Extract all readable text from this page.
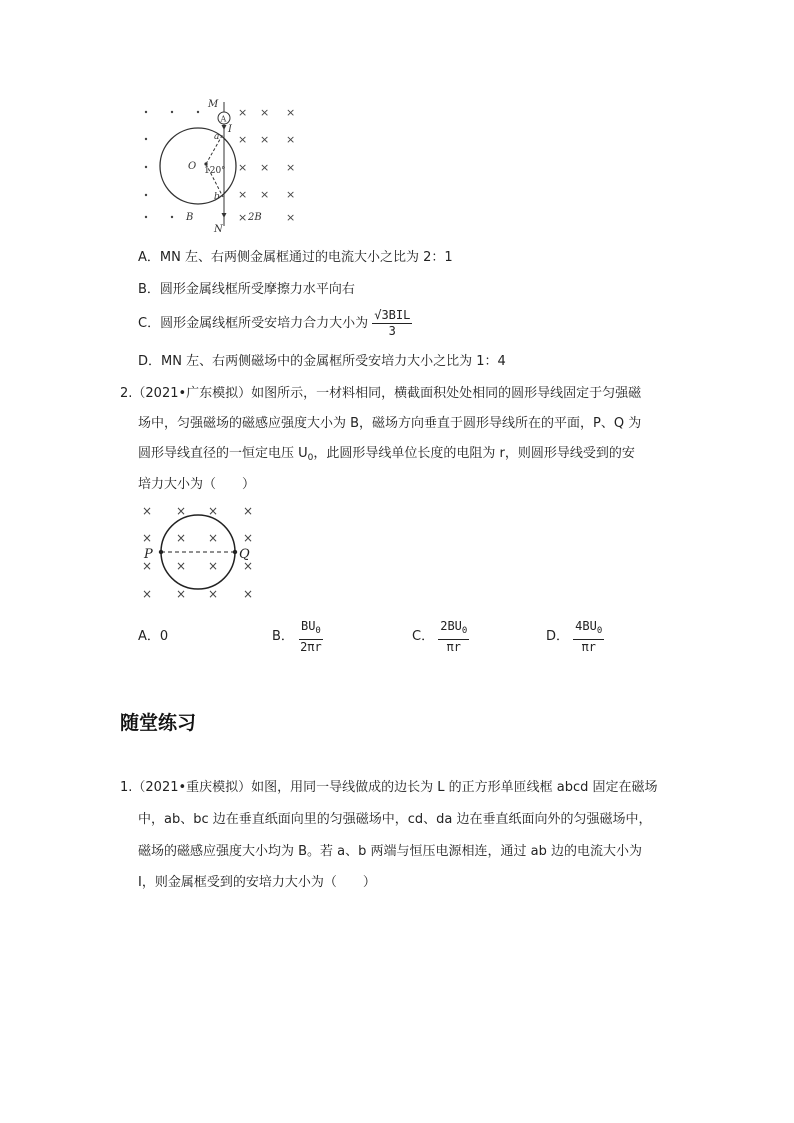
× × ×
× × ×
× × ×
× × ×
×	×
A
M
I
a
O 120°
b
B	2B
N
A．MN 左、右两侧金属框通过的电流大小之比为 2：1
B．圆形金属线框所受摩擦力水平向右
C．圆形金属线框所受安培力合力大小为 $\frac{\text{√3BIL}}{3}$
D．MN 左、右两侧磁场中的金属框所受安培力大小之比为 1：4
2.（2021•广东模拟）如图所示，一材料相同，横截面积处处相同的圆形导线固定于匀强磁
场中，匀强磁场的磁感应强度大小为 B，磁场方向垂直于圆形导线所在的平面，P、Q 为
圆形导线直径的一恒定电压 $U_0$，此圆形导线单位长度的电阻为 r，则圆形导线受到的安
培力大小为（　　）
× × × ×
× × × ×
× × × ×
× × × ×
P	Q
A．0	B． $\frac{BU_0}{2\pi r}$	C． $\frac{2BU_0}{\pi r}$	D． $\frac{4BU_0}{\pi r}$
随堂练习
1.（2021•重庆模拟）如图，用同一导线做成的边长为 L 的正方形单匝线框 abcd 固定在磁场
中，ab、bc 边在垂直纸面向里的匀强磁场中，cd、da 边在垂直纸面向外的匀强磁场中，
磁场的磁感应强度大小均为 B。若 a、b 两端与恒压电源相连，通过 ab 边的电流大小为
I，则金属框受到的安培力大小为（　　）
